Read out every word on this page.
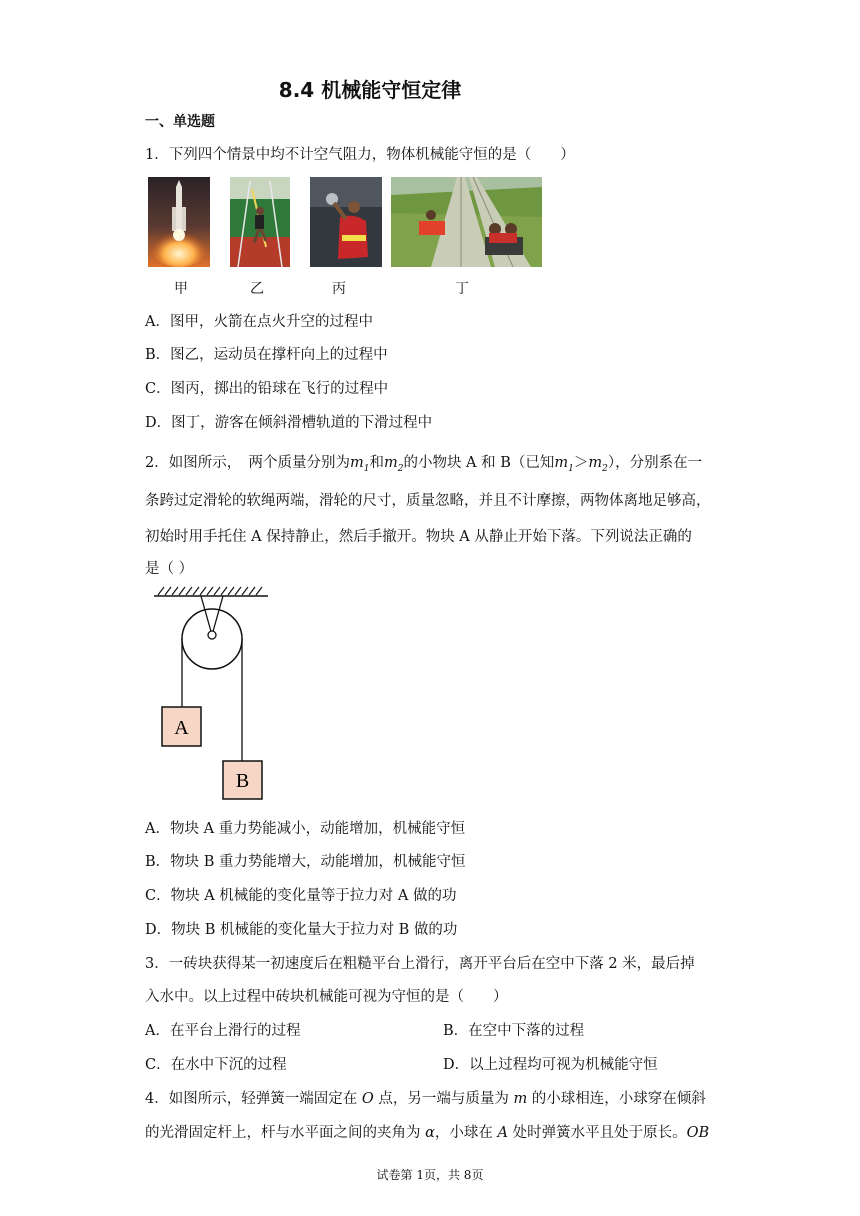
8.4 机械能守恒定律
一、单选题
1．下列四个情景中均不计空气阻力，物体机械能守恒的是（　　）
甲	乙	丙	丁
A．图甲，火箭在点火升空的过程中
B．图乙，运动员在撑杆向上的过程中
C．图丙，掷出的铅球在飞行的过程中
D．图丁，游客在倾斜滑槽轨道的下滑过程中
2．如图所示，　两个质量分别为$m_1$和$m_2$的小物块 A 和 B（已知$m_1>m_2$），分别系在一
条跨过定滑轮的软绳两端，滑轮的尺寸，质量忽略，并且不计摩擦，两物体离地足够高，
初始时用手托住 A 保持静止，然后手撤开。物块 A 从静止开始下落。下列说法正确的
是（ ）
A
B
A．物块 A 重力势能减小，动能增加，机械能守恒
B．物块 B 重力势能增大，动能增加，机械能守恒
C．物块 A 机械能的变化量等于拉力对 A 做的功
D．物块 B 机械能的变化量大于拉力对 B 做的功
3．一砖块获得某一初速度后在粗糙平台上滑行，离开平台后在空中下落 2 米，最后掉
入水中。以上过程中砖块机械能可视为守恒的是（　　）
A．在平台上滑行的过程	B．在空中下落的过程
C．在水中下沉的过程	D．以上过程均可视为机械能守恒
4．如图所示，轻弹簧一端固定在 O 点，另一端与质量为 m 的小球相连，小球穿在倾斜
的光滑固定杆上，杆与水平面之间的夹角为 α，小球在 A 处时弹簧水平且处于原长。OB
试卷第 1页，共 8页
